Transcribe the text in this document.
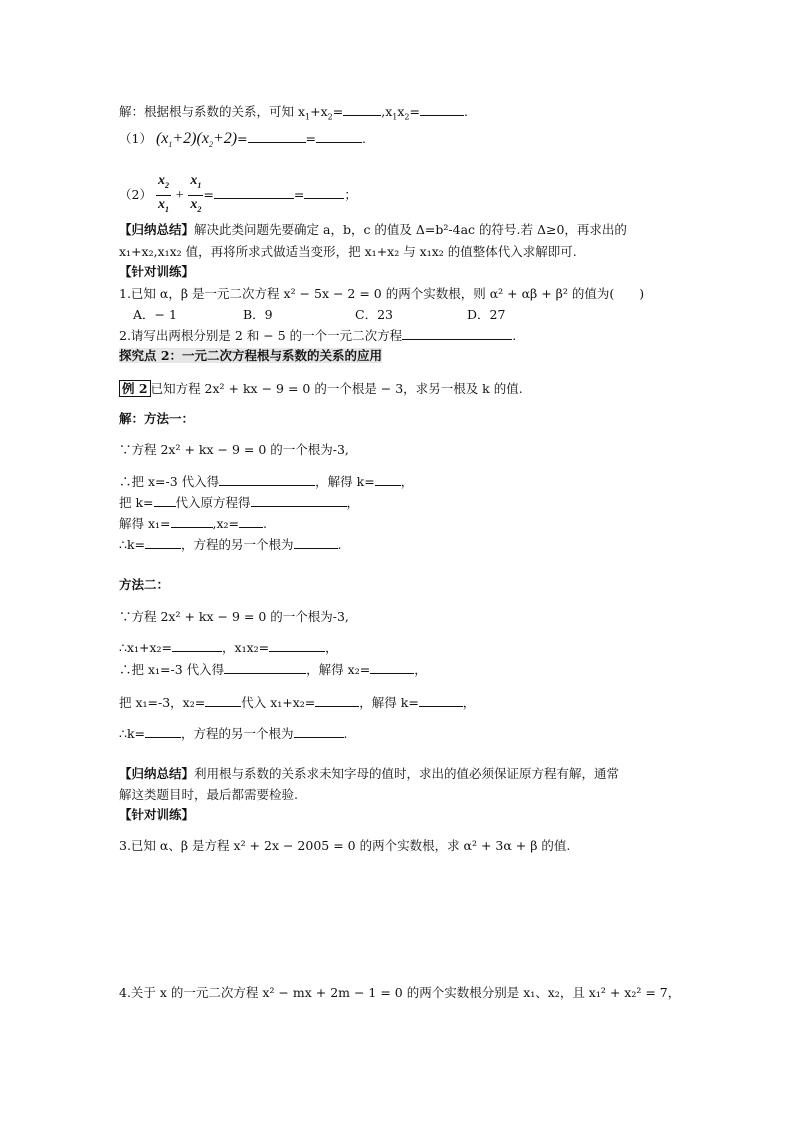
解：根据根与系数的关系，可知 $x_1+x_2=$	$,x_1x_2=$	.
（1） $(x_1+2)(x_2+2)=$	=	.
$(2) \frac{x_2}{x_1} + \frac{x_1}{x_2}$ =	=	；
【归纳总结】解决此类问题先要确定 a，b，c 的值及 Δ=b²-4ac 的符号.若 Δ≥0，再求出的
x₁+x₂,x₁x₂ 值，再将所求式做适当变形，把 x₁+x₂ 与 x₁x₂ 的值整体代入求解即可.
【针对训练】
1.已知 α，β 是一元二次方程 x² − 5x − 2 = 0 的两个实数根，则 α² + αβ + β² 的值为(　　)
A．− 1	B．9	C．23	D．27
2.请写出两根分别是 2 和 − 5 的一个一元二次方程	.
探究点 2：一元二次方程根与系数的关系的应用
例 2 已知方程 2x² + kx − 9 = 0 的一个根是 − 3，求另一根及 k 的值.
解：方法一：
∵方程 2x² + kx − 9 = 0 的一个根为-3,
∴把 x=-3 代入得	，解得 k= ，
把 k= 代入原方程得	，
解得 x₁=	,x₂= .
∴k=	，方程的另一个根为	.
方法二：
∵方程 2x² + kx − 9 = 0 的一个根为-3,
∴x₁+x₂=	，x₁x₂=	，
∴把 x₁=-3 代入得	，解得 x₂=	，
把 x₁=-3，x₂=	代入 x₁+x₂=	，解得 k=	，
∴k=	，方程的另一个根为	.
【归纳总结】利用根与系数的关系求未知字母的值时，求出的值必须保证原方程有解，通常
解这类题目时，最后都需要检验.
【针对训练】
3.已知 α、β 是方程 x² + 2x − 2005 = 0 的两个实数根，求 α² + 3α + β 的值.
4.关于 x 的一元二次方程 x² − mx + 2m − 1 = 0 的两个实数根分别是 x₁、x₂，且 x₁² + x₂² = 7，
